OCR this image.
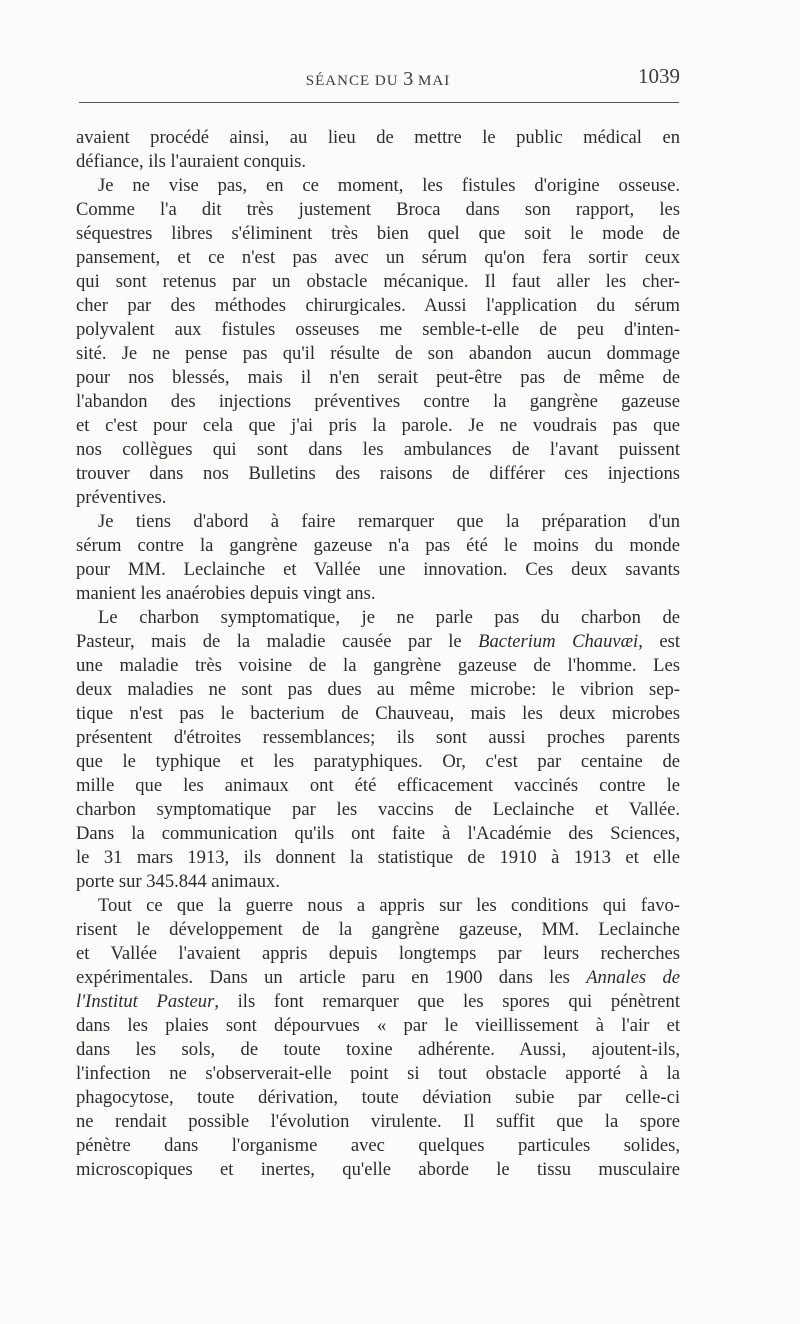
SÉANCE DU 3 MAI	1039
avaient procédé ainsi, au lieu de mettre le public médical en
défiance, ils l'auraient conquis.
Je ne vise pas, en ce moment, les fistules d'origine osseuse.
Comme l'a dit très justement Broca dans son rapport, les
séquestres libres s'éliminent très bien quel que soit le mode de
pansement, et ce n'est pas avec un sérum qu'on fera sortir ceux
qui sont retenus par un obstacle mécanique. Il faut aller les cher-
cher par des méthodes chirurgicales. Aussi l'application du sérum
polyvalent aux fistules osseuses me semble-t-elle de peu d'inten-
sité. Je ne pense pas qu'il résulte de son abandon aucun dommage
pour nos blessés, mais il n'en serait peut-être pas de même de
l'abandon des injections préventives contre la gangrène gazeuse
et c'est pour cela que j'ai pris la parole. Je ne voudrais pas que
nos collègues qui sont dans les ambulances de l'avant puissent
trouver dans nos Bulletins des raisons de différer ces injections
préventives.
Je tiens d'abord à faire remarquer que la préparation d'un
sérum contre la gangrène gazeuse n'a pas été le moins du monde
pour MM. Leclainche et Vallée une innovation. Ces deux savants
manient les anaérobies depuis vingt ans.
Le charbon symptomatique, je ne parle pas du charbon de
Pasteur, mais de la maladie causée par le Bacterium Chauvæi, est
une maladie très voisine de la gangrène gazeuse de l'homme. Les
deux maladies ne sont pas dues au même microbe: le vibrion sep-
tique n'est pas le bacterium de Chauveau, mais les deux microbes
présentent d'étroites ressemblances; ils sont aussi proches parents
que le typhique et les paratyphiques. Or, c'est par centaine de
mille que les animaux ont été efficacement vaccinés contre le
charbon symptomatique par les vaccins de Leclainche et Vallée.
Dans la communication qu'ils ont faite à l'Académie des Sciences,
le 31 mars 1913, ils donnent la statistique de 1910 à 1913 et elle
porte sur 345.844 animaux.
Tout ce que la guerre nous a appris sur les conditions qui favo-
risent le développement de la gangrène gazeuse, MM. Leclainche
et Vallée l'avaient appris depuis longtemps par leurs recherches
expérimentales. Dans un article paru en 1900 dans les Annales de
l'Institut Pasteur, ils font remarquer que les spores qui pénètrent
dans les plaies sont dépourvues « par le vieillissement à l'air et
dans les sols, de toute toxine adhérente. Aussi, ajoutent-ils,
l'infection ne s'observerait-elle point si tout obstacle apporté à la
phagocytose, toute dérivation, toute déviation subie par celle-ci
ne rendait possible l'évolution virulente. Il suffit que la spore
pénètre dans l'organisme avec quelques particules solides,
microscopiques et inertes, qu'elle aborde le tissu musculaire
